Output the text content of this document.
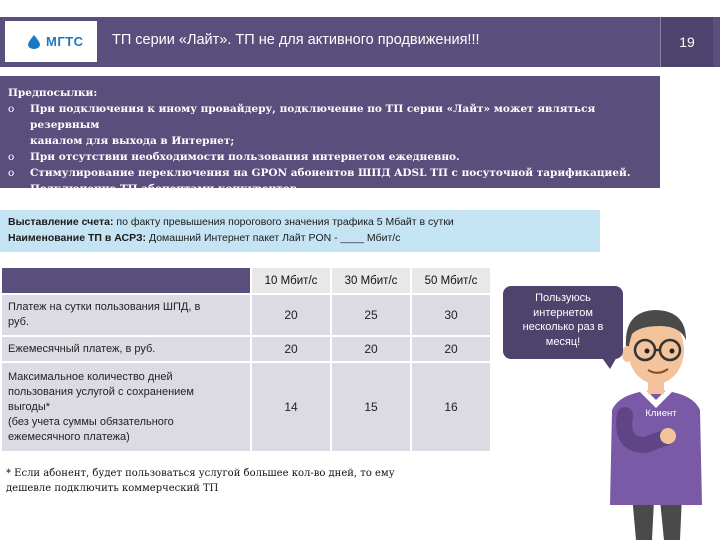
МГТС ТП серии «Лайт». ТП не для активного продвижения!!!	19
Предпосылки:
o	При подключения к иному провайдеру, подключение по ТП серии «Лайт» может являться резервным
каналом для выхода в Интернет;
o	При отсутствии необходимости пользования интернетом ежедневно.
o	Стимулирование переключения на GPON абонентов ШПД ADSL ТП с посуточной тарификацией.
Подключение ТП абонентами конкурентов.
Выставление счета: по факту превышения порогового значения трафика 5 Мбайт в сутки
Наименование ТП в АСРЗ: Домашний Интернет пакет Лайт PON - ____ Мбит/с
	10 Мбит/с	30 Мбит/с	50 Мбит/с
Платеж на сутки пользования ШПД, в
руб.	20	25	30
Ежемесячный платеж, в руб.	20	20	20
Максимальное количество дней
пользования услугой с сохранением
выгоды*
(без учета суммы обязательного
ежемесячного платежа)	14	15	16
* Если абонент, будет пользоваться услугой большее кол-во дней, то ему
дешевле подключить коммерческий ТП
Клиент
Пользуюсь
интернетом
несколько раз в
месяц!
